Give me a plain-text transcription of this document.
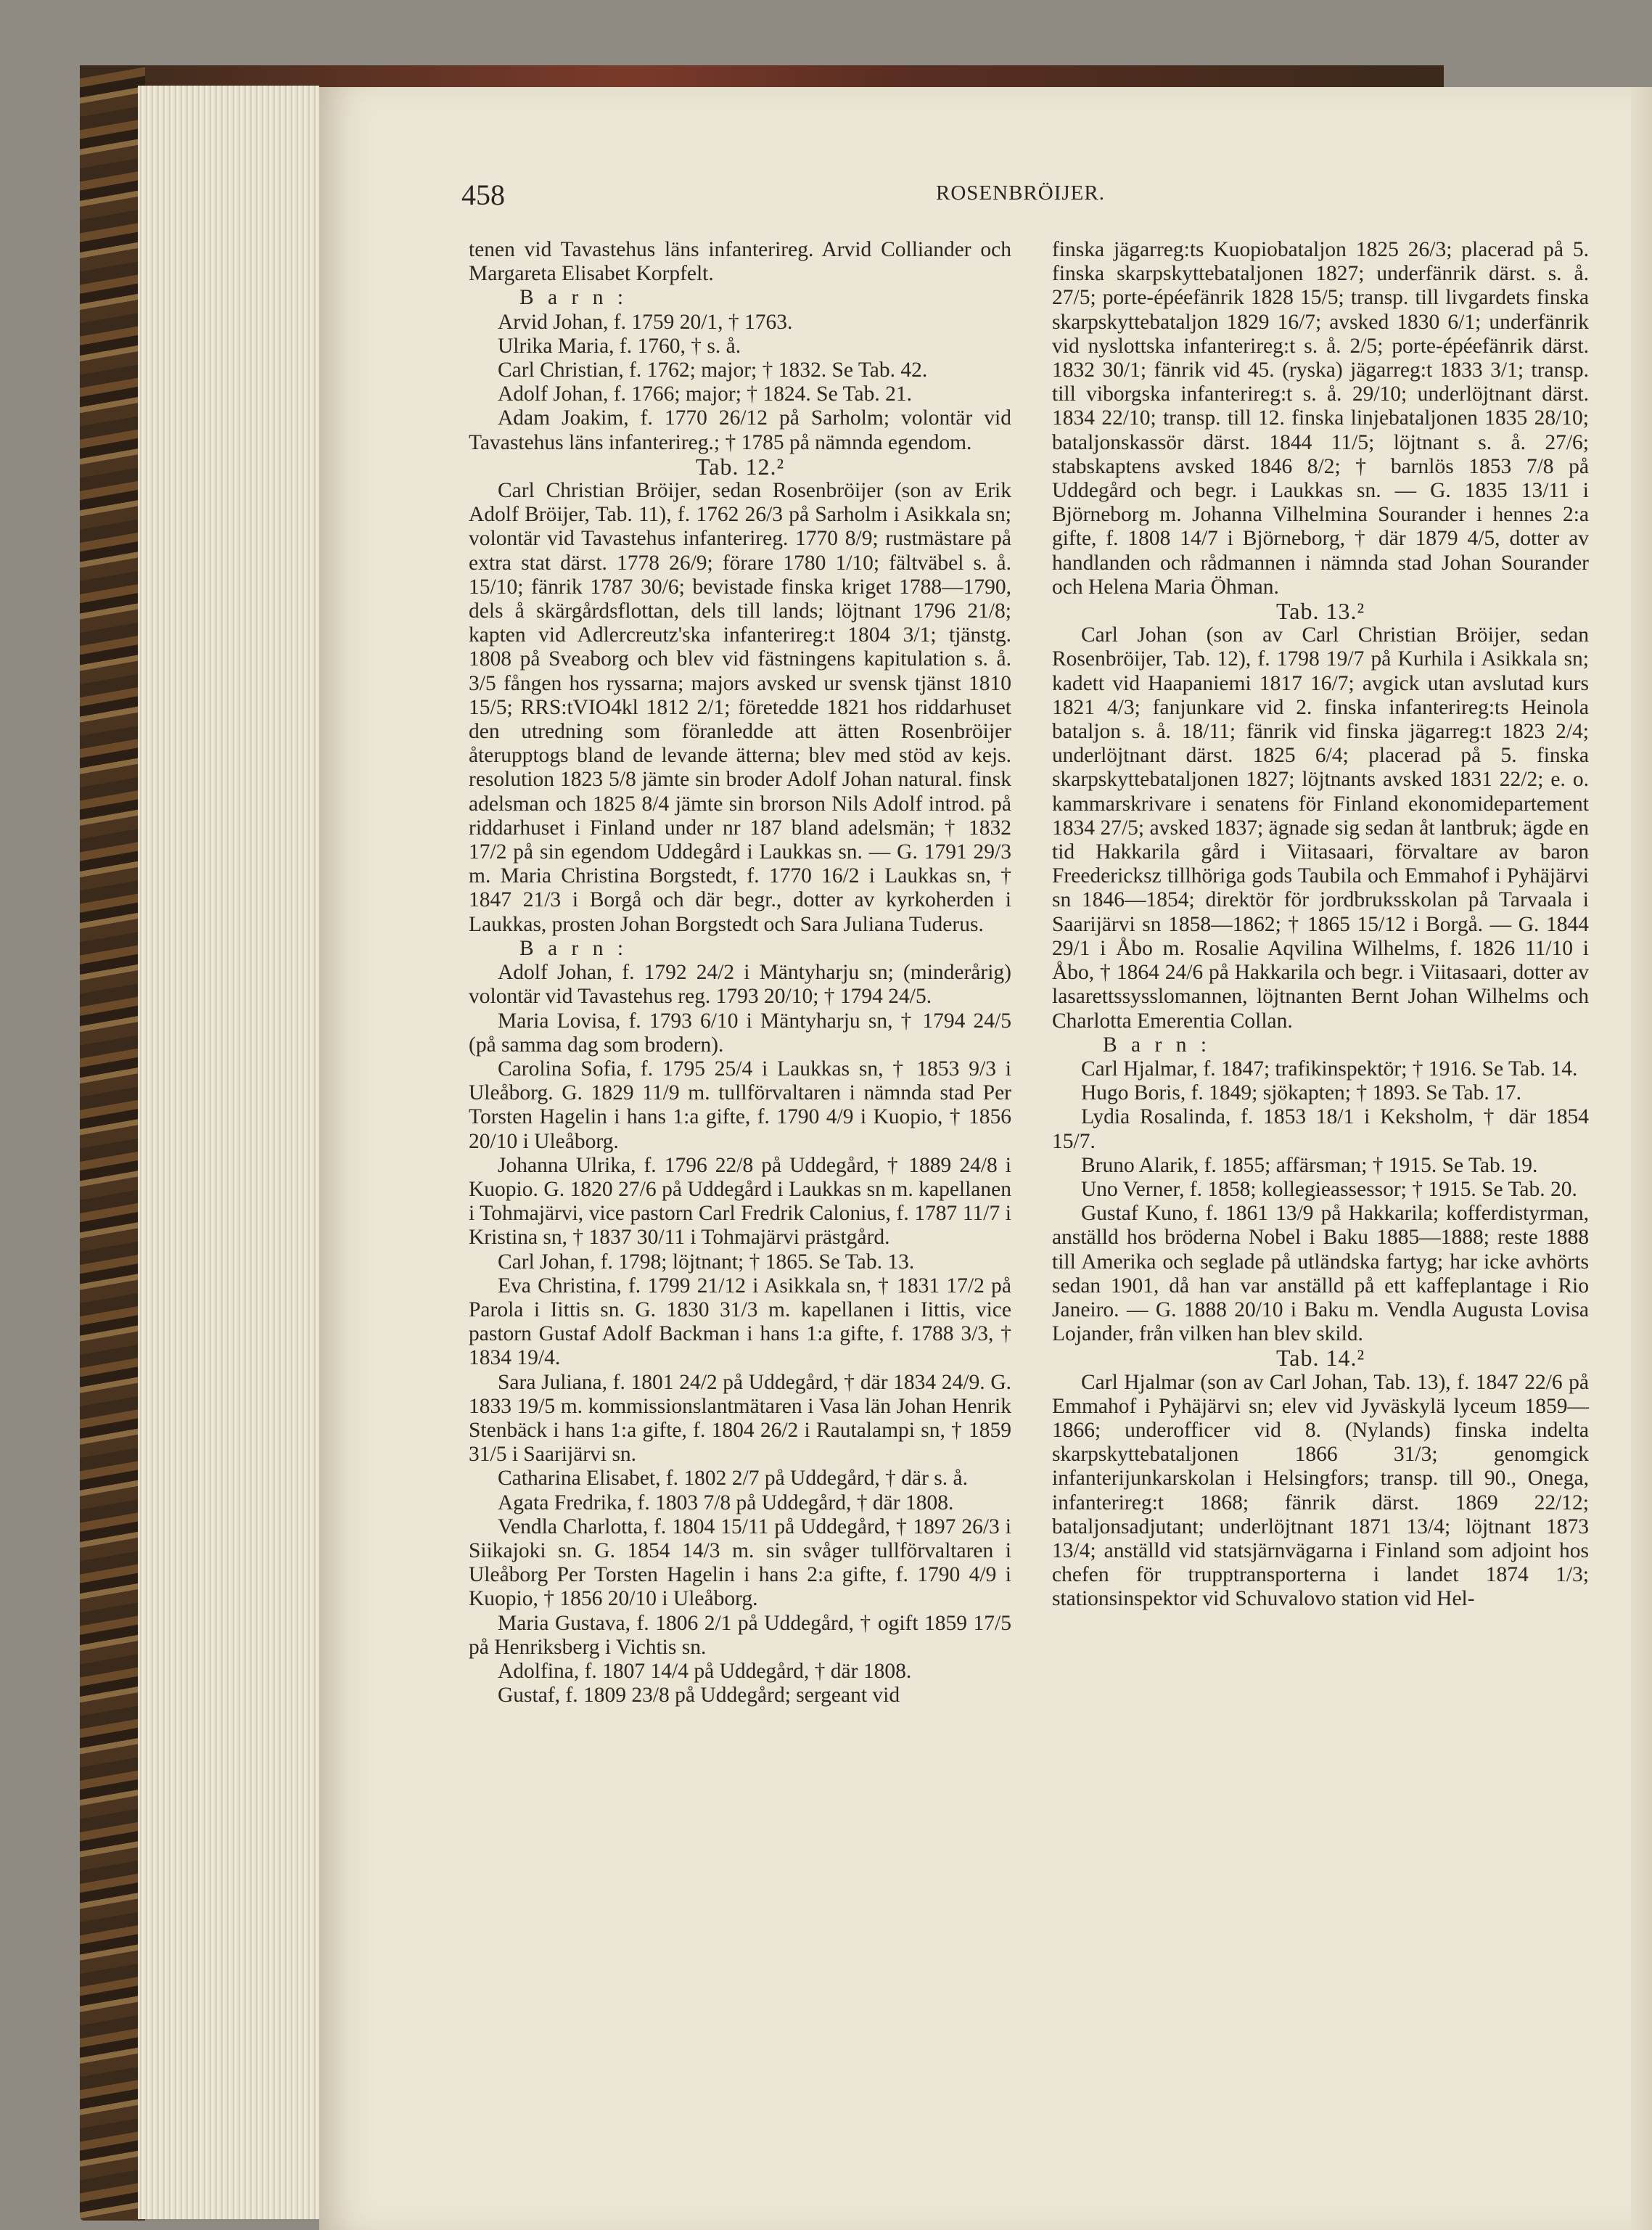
458	ROSENBRÖIJER.

tenen vid Tavastehus läns infanterireg. Arvid Colliander och Margareta Elisabet Korpfelt.

B a r n :

Arvid Johan, f. 1759 20/1, † 1763.

Ulrika Maria, f. 1760, † s. å.

Carl Christian, f. 1762; major; † 1832. Se Tab. 42.

Adolf Johan, f. 1766; major; † 1824. Se Tab. 21.

Adam Joakim, f. 1770 26/12 på Sarholm; volontär vid Tavastehus läns infanterireg.; † 1785 på nämnda egendom.

Tab. 12.²

Carl Christian Bröijer, sedan Rosenbröijer (son av Erik Adolf Bröijer, Tab. 11), f. 1762 26/3 på Sarholm i Asikkala sn; volontär vid Tavastehus infanterireg. 1770 8/9; rustmästare på extra stat därst. 1778 26/9; förare 1780 1/10; fältväbel s. å. 15/10; fänrik 1787 30/6; bevistade finska kriget 1788—1790, dels å skärgårdsflottan, dels till lands; löjtnant 1796 21/8; kapten vid Adlercreutz'ska infanterireg:t 1804 3/1; tjänstg. 1808 på Sveaborg och blev vid fästningens kapitulation s. å. 3/5 fången hos ryssarna; majors avsked ur svensk tjänst 1810 15/5; RRS:tVIO4kl 1812 2/1; företedde 1821 hos riddarhuset den utredning som föranledde att ätten Rosenbröijer återupptogs bland de levande ätterna; blev med stöd av kejs. resolution 1823 5/8 jämte sin broder Adolf Johan natural. finsk adelsman och 1825 8/4 jämte sin brorson Nils Adolf introd. på riddarhuset i Finland under nr 187 bland adelsmän; † 1832 17/2 på sin egendom Uddegård i Laukkas sn. — G. 1791 29/3 m. Maria Christina Borgstedt, f. 1770 16/2 i Laukkas sn, † 1847 21/3 i Borgå och där begr., dotter av kyrkoherden i Laukkas, prosten Johan Borgstedt och Sara Juliana Tuderus.

B a r n :

Adolf Johan, f. 1792 24/2 i Mäntyharju sn; (minderårig) volontär vid Tavastehus reg. 1793 20/10; † 1794 24/5.

Maria Lovisa, f. 1793 6/10 i Mäntyharju sn, † 1794 24/5 (på samma dag som brodern).

Carolina Sofia, f. 1795 25/4 i Laukkas sn, † 1853 9/3 i Uleåborg. G. 1829 11/9 m. tullförvaltaren i nämnda stad Per Torsten Hagelin i hans 1:a gifte, f. 1790 4/9 i Kuopio, † 1856 20/10 i Uleåborg.

Johanna Ulrika, f. 1796 22/8 på Uddegård, † 1889 24/8 i Kuopio. G. 1820 27/6 på Uddegård i Laukkas sn m. kapellanen i Tohmajärvi, vice pastorn Carl Fredrik Calonius, f. 1787 11/7 i Kristina sn, † 1837 30/11 i Tohmajärvi prästgård.

Carl Johan, f. 1798; löjtnant; † 1865. Se Tab. 13.

Eva Christina, f. 1799 21/12 i Asikkala sn, † 1831 17/2 på Parola i Iittis sn. G. 1830 31/3 m. kapellanen i Iittis, vice pastorn Gustaf Adolf Backman i hans 1:a gifte, f. 1788 3/3, † 1834 19/4.

Sara Juliana, f. 1801 24/2 på Uddegård, † där 1834 24/9. G. 1833 19/5 m. kommissionslantmätaren i Vasa län Johan Henrik Stenbäck i hans 1:a gifte, f. 1804 26/2 i Rautalampi sn, † 1859 31/5 i Saarijärvi sn.

Catharina Elisabet, f. 1802 2/7 på Uddegård, † där s. å.

Agata Fredrika, f. 1803 7/8 på Uddegård, † där 1808.

Vendla Charlotta, f. 1804 15/11 på Uddegård, † 1897 26/3 i Siikajoki sn. G. 1854 14/3 m. sin svåger tullförvaltaren i Uleåborg Per Torsten Hagelin i hans 2:a gifte, f. 1790 4/9 i Kuopio, † 1856 20/10 i Uleåborg.

Maria Gustava, f. 1806 2/1 på Uddegård, † ogift 1859 17/5 på Henriksberg i Vichtis sn.

Adolfina, f. 1807 14/4 på Uddegård, † där 1808.

Gustaf, f. 1809 23/8 på Uddegård; sergeant vid

finska jägarreg:ts Kuopiobataljon 1825 26/3; placerad på 5. finska skarpskyttebataljonen 1827; underfänrik därst. s. å. 27/5; porte-épéefänrik 1828 15/5; transp. till livgardets finska skarpskyttebataljon 1829 16/7; avsked 1830 6/1; underfänrik vid nyslottska infanterireg:t s. å. 2/5; porte-épéefänrik därst. 1832 30/1; fänrik vid 45. (ryska) jägarreg:t 1833 3/1; transp. till viborgska infanterireg:t s. å. 29/10; underlöjtnant därst. 1834 22/10; transp. till 12. finska linjebataljonen 1835 28/10; bataljonskassör därst. 1844 11/5; löjtnant s. å. 27/6; stabskaptens avsked 1846 8/2; † barnlös 1853 7/8 på Uddegård och begr. i Laukkas sn. — G. 1835 13/11 i Björneborg m. Johanna Vilhelmina Sourander i hennes 2:a gifte, f. 1808 14/7 i Björneborg, † där 1879 4/5, dotter av handlanden och rådmannen i nämnda stad Johan Sourander och Helena Maria Öhman.

Tab. 13.²

Carl Johan (son av Carl Christian Bröijer, sedan Rosenbröijer, Tab. 12), f. 1798 19/7 på Kurhila i Asikkala sn; kadett vid Haapaniemi 1817 16/7; avgick utan avslutad kurs 1821 4/3; fanjunkare vid 2. finska infanterireg:ts Heinola bataljon s. å. 18/11; fänrik vid finska jägarreg:t 1823 2/4; underlöjtnant därst. 1825 6/4; placerad på 5. finska skarpskyttebataljonen 1827; löjtnants avsked 1831 22/2; e. o. kammarskrivare i senatens för Finland ekonomidepartement 1834 27/5; avsked 1837; ägnade sig sedan åt lantbruk; ägde en tid Hakkarila gård i Viitasaari, förvaltare av baron Freedericksz tillhöriga gods Taubila och Emmahof i Pyhäjärvi sn 1846—1854; direktör för jordbruksskolan på Tarvaala i Saarijärvi sn 1858—1862; † 1865 15/12 i Borgå. — G. 1844 29/1 i Åbo m. Rosalie Aqvilina Wilhelms, f. 1826 11/10 i Åbo, † 1864 24/6 på Hakkarila och begr. i Viitasaari, dotter av lasarettssysslomannen, löjtnanten Bernt Johan Wilhelms och Charlotta Emerentia Collan.

B a r n :

Carl Hjalmar, f. 1847; trafikinspektör; † 1916. Se Tab. 14.

Hugo Boris, f. 1849; sjökapten; † 1893. Se Tab. 17.

Lydia Rosalinda, f. 1853 18/1 i Keksholm, † där 1854 15/7.

Bruno Alarik, f. 1855; affärsman; † 1915. Se Tab. 19.

Uno Verner, f. 1858; kollegieassessor; † 1915. Se Tab. 20.

Gustaf Kuno, f. 1861 13/9 på Hakkarila; kofferdistyrman, anställd hos bröderna Nobel i Baku 1885—1888; reste 1888 till Amerika och seglade på utländska fartyg; har icke avhörts sedan 1901, då han var anställd på ett kaffeplantage i Rio Janeiro. — G. 1888 20/10 i Baku m. Vendla Augusta Lovisa Lojander, från vilken han blev skild.

Tab. 14.²

Carl Hjalmar (son av Carl Johan, Tab. 13), f. 1847 22/6 på Emmahof i Pyhäjärvi sn; elev vid Jyväskylä lyceum 1859—1866; underofficer vid 8. (Nylands) finska indelta skarpskyttebataljonen 1866 31/3; genomgick infanterijunkarskolan i Helsingfors; transp. till 90., Onega, infanterireg:t 1868; fänrik därst. 1869 22/12; bataljonsadjutant; underlöjtnant 1871 13/4; löjtnant 1873 13/4; anställd vid statsjärnvägarna i Finland som adjoint hos chefen för trupptransporterna i landet 1874 1/3; stationsinspektor vid Schuvalovo station vid Hel-
